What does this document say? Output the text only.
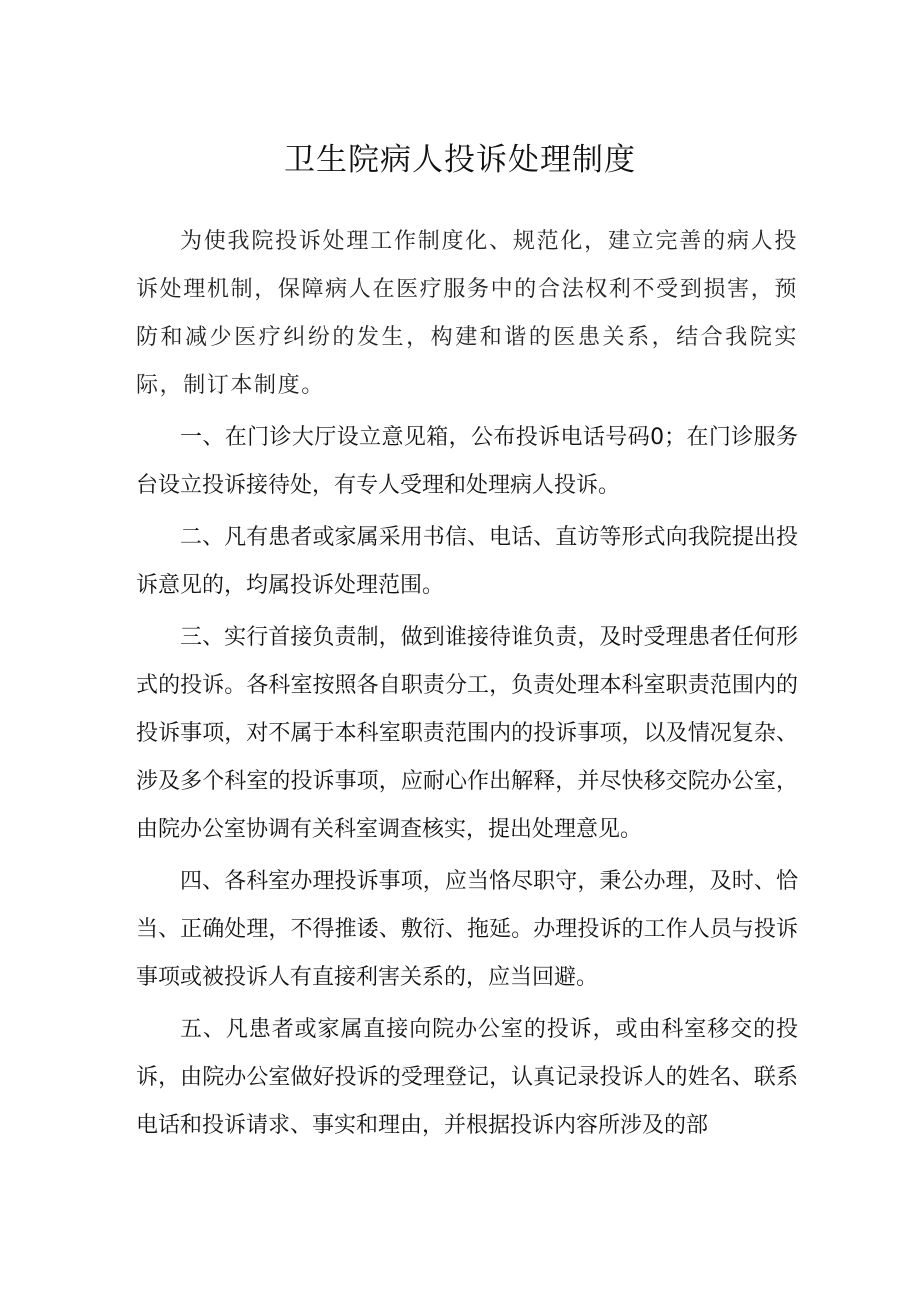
卫生院病人投诉处理制度

为使我院投诉处理工作制度化、规范化，建立完善的病人投诉处理机制，保障病人在医疗服务中的合法权利不受到损害，预防和减少医疗纠纷的发生，构建和谐的医患关系，结合我院实际，制订本制度。

一、在门诊大厅设立意见箱，公布投诉电话号码0；在门诊服务台设立投诉接待处，有专人受理和处理病人投诉。

二、凡有患者或家属采用书信、电话、直访等形式向我院提出投诉意见的，均属投诉处理范围。

三、实行首接负责制，做到谁接待谁负责，及时受理患者任何形式的投诉。各科室按照各自职责分工，负责处理本科室职责范围内的投诉事项，对不属于本科室职责范围内的投诉事项，以及情况复杂、涉及多个科室的投诉事项，应耐心作出解释，并尽快移交院办公室，由院办公室协调有关科室调查核实，提出处理意见。

四、各科室办理投诉事项，应当恪尽职守，秉公办理，及时、恰当、正确处理，不得推诿、敷衍、拖延。办理投诉的工作人员与投诉事项或被投诉人有直接利害关系的，应当回避。

五、凡患者或家属直接向院办公室的投诉，或由科室移交的投诉，由院办公室做好投诉的受理登记，认真记录投诉人的姓名、联系电话和投诉请求、事实和理由，并根据投诉内容所涉及的部
